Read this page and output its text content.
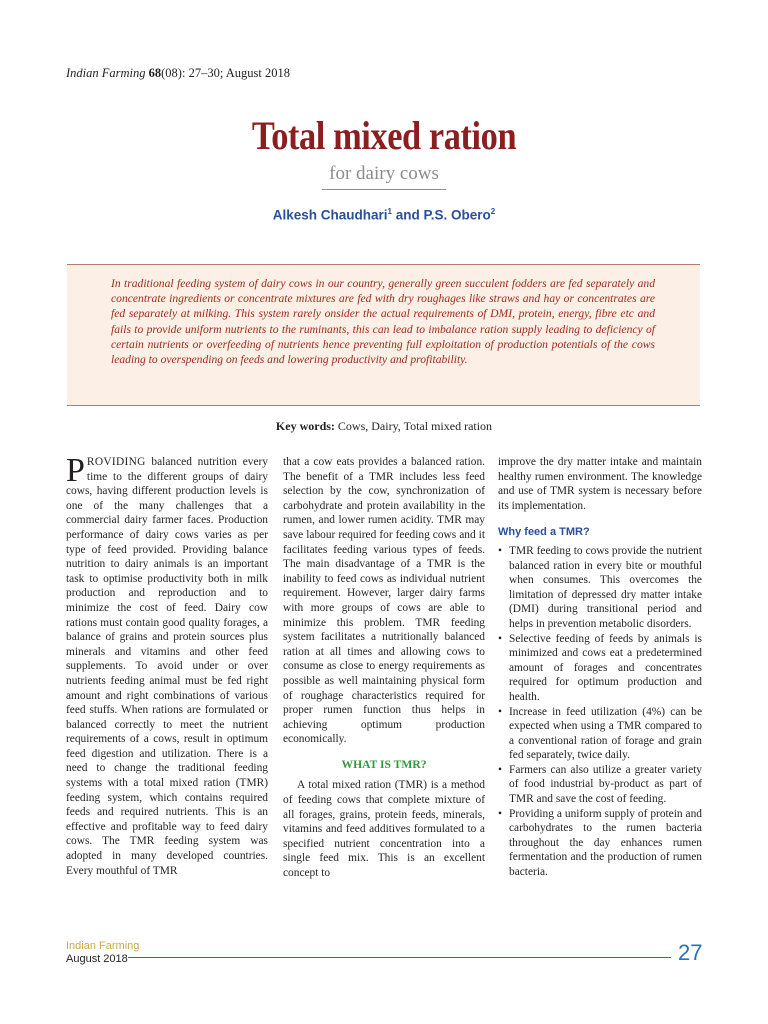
Indian Farming 68(08): 27–30; August 2018
Total mixed ration
for dairy cows
Alkesh Chaudhari$^1$ and P.S. Obero$^2$
In traditional feeding system of dairy cows in our country, generally green succulent fodders are fed separately and concentrate ingredients or concentrate mixtures are fed with dry roughages like straws and hay or concentrates are fed separately at milking. This system rarely onsider the actual requirements of DMI, protein, energy, fibre etc and fails to provide uniform nutrients to the ruminants, this can lead to imbalance ration supply leading to deficiency of certain nutrients or overfeeding of nutrients hence preventing full exploitation of production potentials of the cows leading to overspending on feeds and lowering productivity and profitability.
Key words: Cows, Dairy, Total mixed ration

PROVIDING balanced nutrition every time to the different groups of dairy cows, having different production levels is one of the many challenges that a commercial dairy farmer faces. Production performance of dairy cows varies as per type of feed provided. Providing balance nutrition to dairy animals is an important task to optimise productivity both in milk production and reproduction and to minimize the cost of feed. Dairy cow rations must contain good quality forages, a balance of grains and protein sources plus minerals and vitamins and other feed supplements. To avoid under or over nutrients feeding animal must be fed right amount and right combinations of various feed stuffs. When rations are formulated or balanced correctly to meet the nutrient requirements of a cows, result in optimum feed digestion and utilization. There is a need to change the traditional feeding systems with a total mixed ration (TMR) feeding system, which contains required feeds and required nutrients. This is an effective and profitable way to feed dairy cows. The TMR feeding system was adopted in many developed countries. Every mouthful of TMR

that a cow eats provides a balanced ration. The benefit of a TMR includes less feed selection by the cow, synchronization of carbohydrate and protein availability in the rumen, and lower rumen acidity. TMR may save labour required for feeding cows and it facilitates feeding various types of feeds. The main disadvantage of a TMR is the inability to feed cows as individual nutrient requirement. However, larger dairy farms with more groups of cows are able to minimize this problem. TMR feeding system facilitates a nutritionally balanced ration at all times and allowing cows to consume as close to energy requirements as possible as well maintaining physical form of roughage characteristics required for proper rumen function thus helps in achieving optimum production economically.

WHAT IS TMR?

A total mixed ration (TMR) is a method of feeding cows that complete mixture of all forages, grains, protein feeds, minerals, vitamins and feed additives formulated to a specified nutrient concentration into a single feed mix. This is an excellent concept to

improve the dry matter intake and maintain healthy rumen environment. The knowledge and use of TMR system is necessary before its implementation.

Why feed a TMR?
• TMR feeding to cows provide the nutrient balanced ration in every bite or mouthful when consumes. This overcomes the limitation of depressed dry matter intake (DMI) during transitional period and helps in prevention metabolic disorders.
• Selective feeding of feeds by animals is minimized and cows eat a predetermined amount of forages and concentrates required for optimum production and health.
• Increase in feed utilization (4%) can be expected when using a TMR compared to a conventional ration of forage and grain fed separately, twice daily.
• Farmers can also utilize a greater variety of food industrial by-product as part of TMR and save the cost of feeding.
• Providing a uniform supply of protein and carbohydrates to the rumen bacteria throughout the day enhances rumen fermentation and the production of rumen bacteria.
Indian Farming
August 2018	27
